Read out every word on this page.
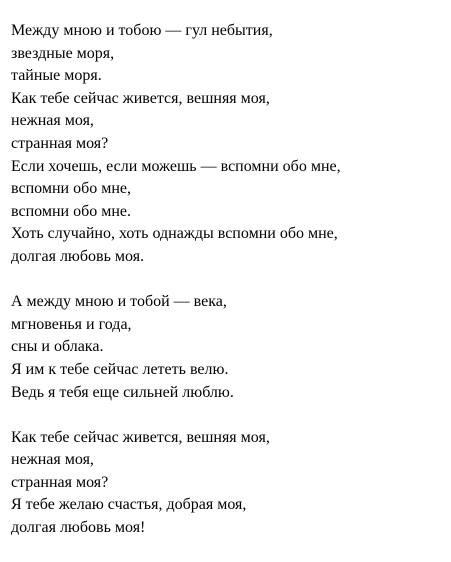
Между мною и тобою — гул небытия,
звездные моря,
тайные моря.
Как тебе сейчас живется, вешняя моя,
нежная моя,
странная моя?
Если хочешь, если можешь — вспомни обо мне,
вспомни обо мне,
вспомни обо мне.
Хоть случайно, хоть однажды вспомни обо мне,
долгая любовь моя.
А между мною и тобой — века,
мгновенья и года,
сны и облака.
Я им к тебе сейчас лететь велю.
Ведь я тебя еще сильней люблю.
Как тебе сейчас живется, вешняя моя,
нежная моя,
странная моя?
Я тебе желаю счастья, добрая моя,
долгая любовь моя!
